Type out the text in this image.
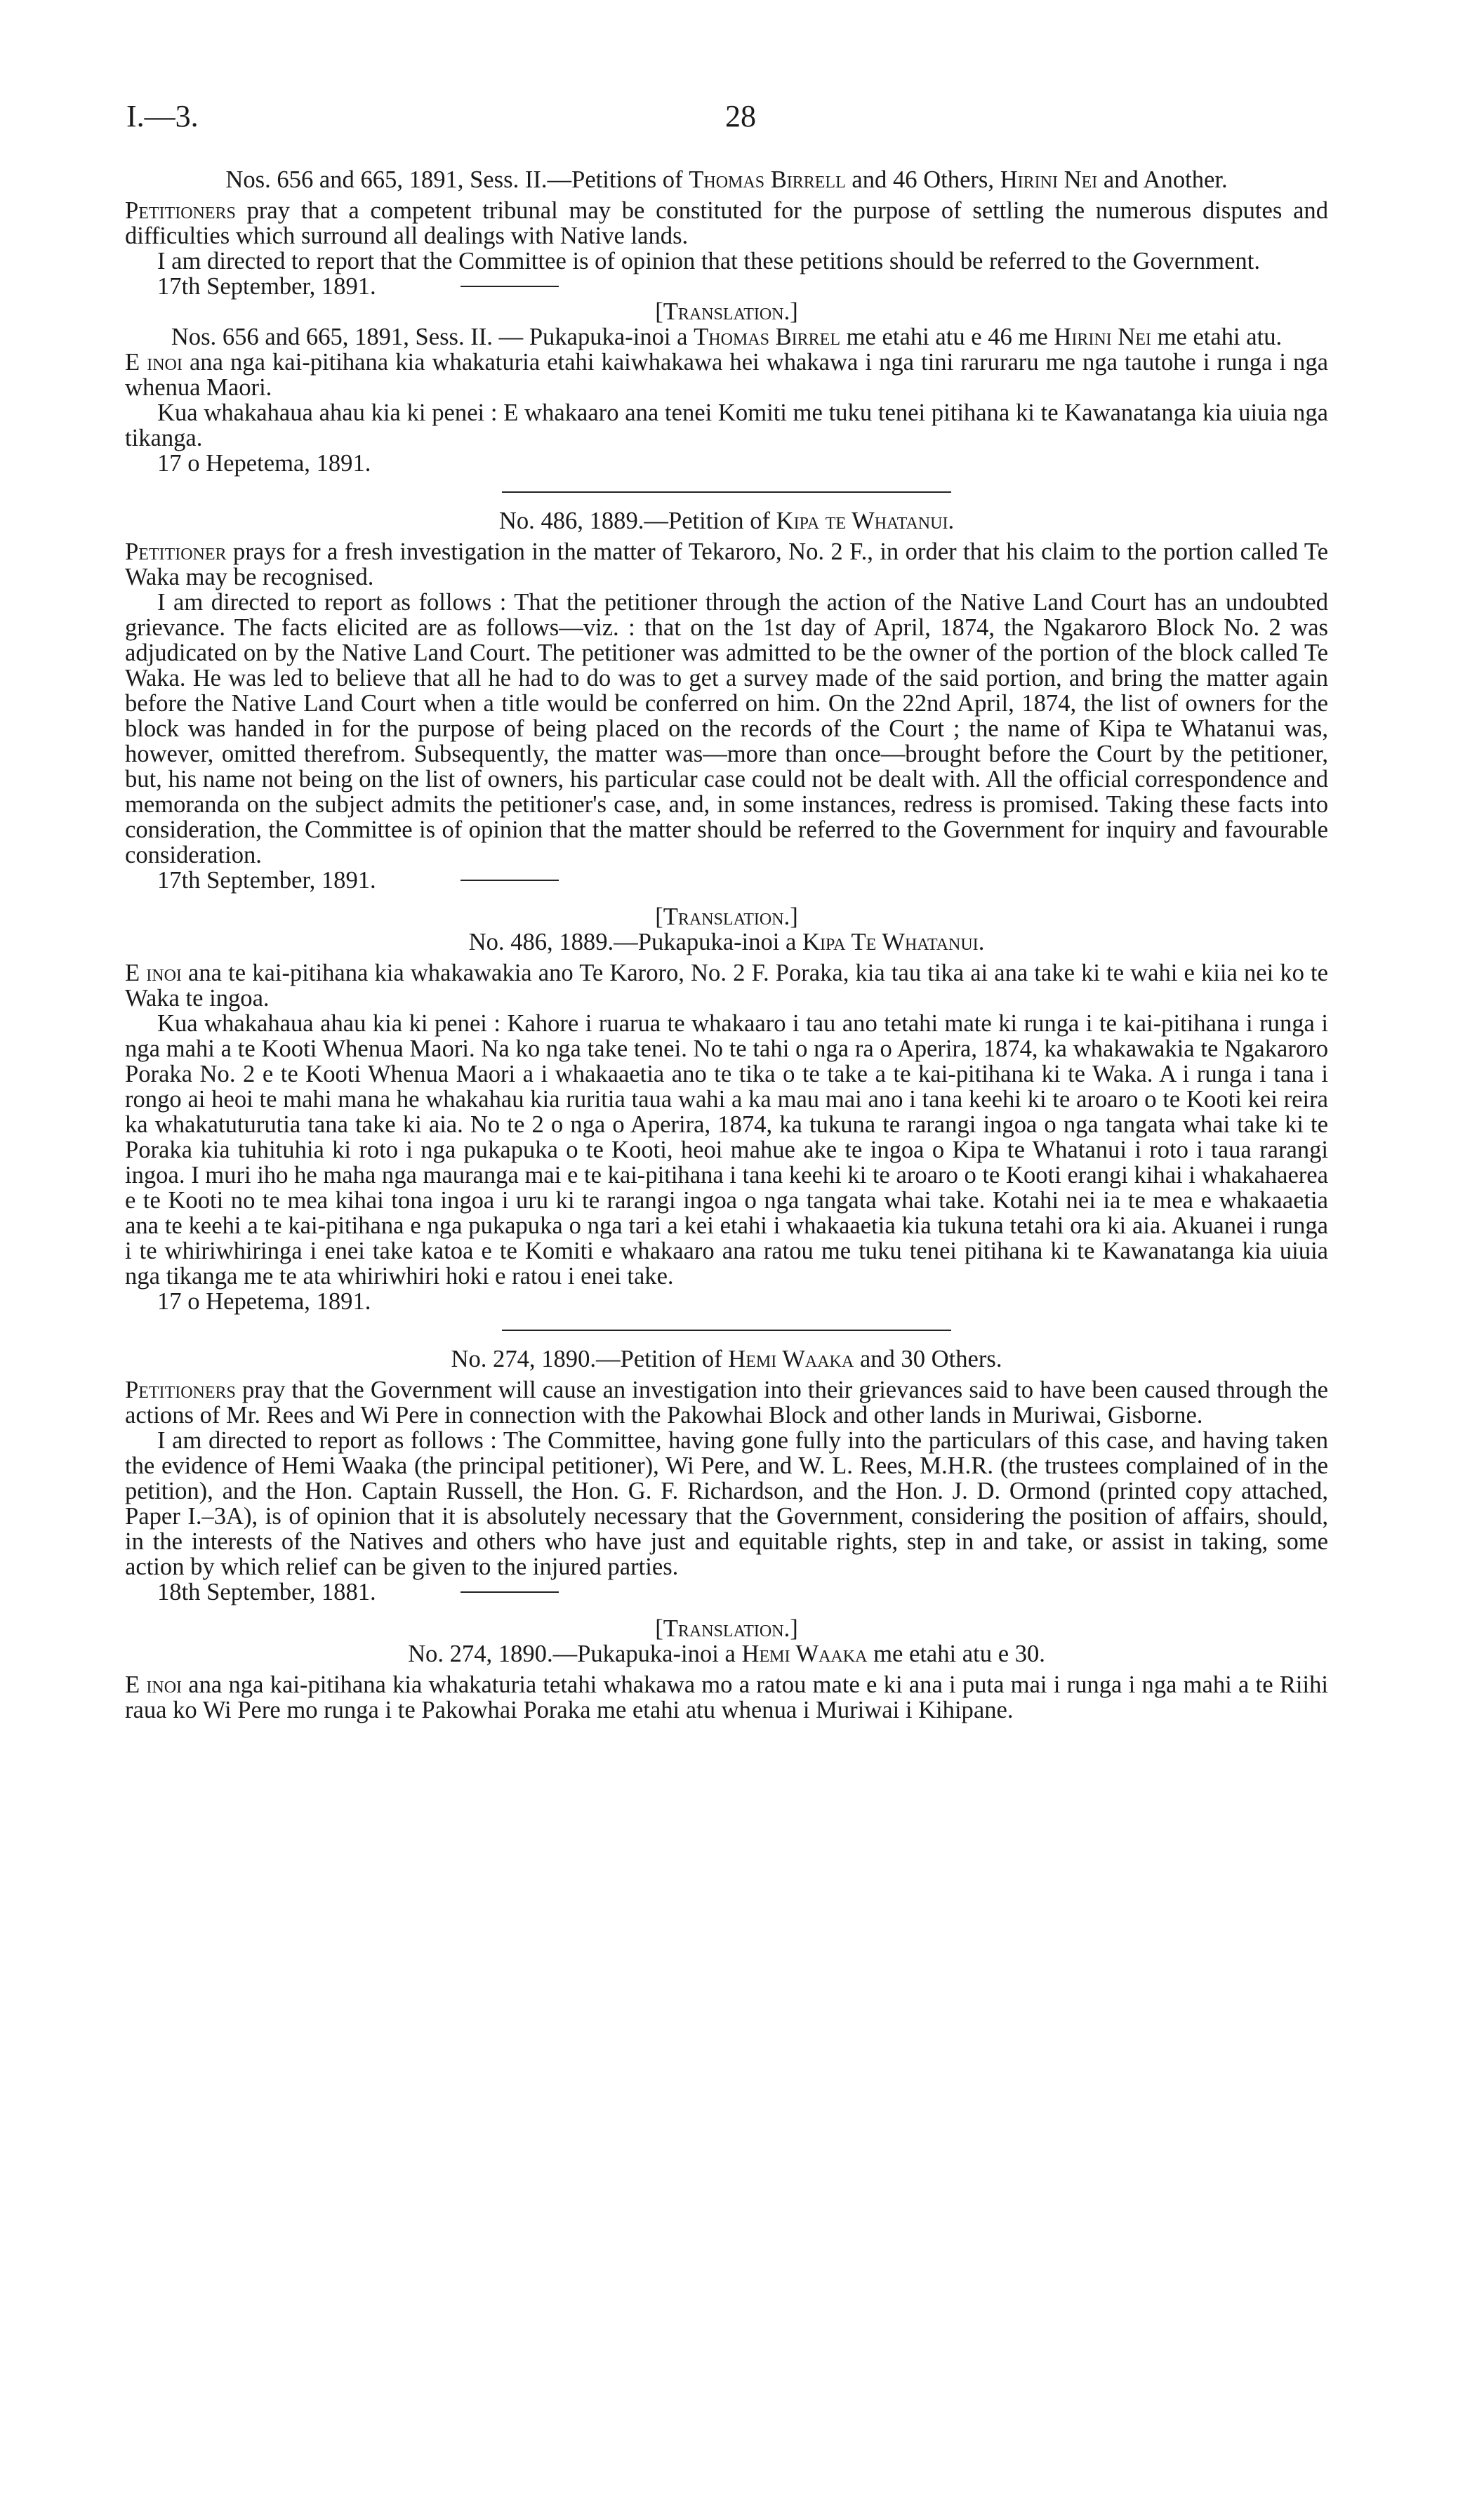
I.—3.	28

Nos. 656 and 665, 1891, Sess. II.—Petitions of Thomas Birrell and 46 Others, Hirini Nei and Another.

Petitioners pray that a competent tribunal may be constituted for the purpose of settling the numerous disputes and difficulties which surround all dealings with Native lands.

I am directed to report that the Committee is of opinion that these petitions should be referred to the Government.

17th September, 1891.

[Translation.]

Nos. 656 and 665, 1891, Sess. II. — Pukapuka-inoi a Thomas Birrel me etahi atu e 46 me Hirini Nei me etahi atu.

E inoi ana nga kai-pitihana kia whakaturia etahi kaiwhakawa hei whakawa i nga tini raruraru me nga tautohe i runga i nga whenua Maori.

Kua whakahaua ahau kia ki penei : E whakaaro ana tenei Komiti me tuku tenei pitihana ki te Kawanatanga kia uiuia nga tikanga.

17 o Hepetema, 1891.

No. 486, 1889.—Petition of Kipa te Whatanui.

Petitioner prays for a fresh investigation in the matter of Tekaroro, No. 2 F., in order that his claim to the portion called Te Waka may be recognised.

I am directed to report as follows : That the petitioner through the action of the Native Land Court has an undoubted grievance. The facts elicited are as follows—viz. : that on the 1st day of April, 1874, the Ngakaroro Block No. 2 was adjudicated on by the Native Land Court. The petitioner was admitted to be the owner of the portion of the block called Te Waka. He was led to believe that all he had to do was to get a survey made of the said portion, and bring the matter again before the Native Land Court when a title would be conferred on him. On the 22nd April, 1874, the list of owners for the block was handed in for the purpose of being placed on the records of the Court ; the name of Kipa te Whatanui was, however, omitted therefrom. Subsequently, the matter was—more than once—brought before the Court by the petitioner, but, his name not being on the list of owners, his particular case could not be dealt with. All the official correspondence and memoranda on the subject admits the petitioner's case, and, in some instances, redress is promised. Taking these facts into consideration, the Committee is of opinion that the matter should be referred to the Government for inquiry and favourable consideration.

17th September, 1891.

[Translation.]

No. 486, 1889.—Pukapuka-inoi a Kipa Te Whatanui.

E inoi ana te kai-pitihana kia whakawakia ano Te Karoro, No. 2 F. Poraka, kia tau tika ai ana take ki te wahi e kiia nei ko te Waka te ingoa.

Kua whakahaua ahau kia ki penei : Kahore i ruarua te whakaaro i tau ano tetahi mate ki runga i te kai-pitihana i runga i nga mahi a te Kooti Whenua Maori. Na ko nga take tenei. No te tahi o nga ra o Aperira, 1874, ka whakawakia te Ngakaroro Poraka No. 2 e te Kooti Whenua Maori a i whakaaetia ano te tika o te take a te kai-pitihana ki te Waka. A i runga i tana i rongo ai heoi te mahi mana he whakahau kia ruritia taua wahi a ka mau mai ano i tana keehi ki te aroaro o te Kooti kei reira ka whakatuturutia tana take ki aia. No te 2 o nga o Aperira, 1874, ka tukuna te rarangi ingoa o nga tangata whai take ki te Poraka kia tuhituhia ki roto i nga pukapuka o te Kooti, heoi mahue ake te ingoa o Kipa te Whatanui i roto i taua rarangi ingoa. I muri iho he maha nga mauranga mai e te kai-pitihana i tana keehi ki te aroaro o te Kooti erangi kihai i whakahaerea e te Kooti no te mea kihai tona ingoa i uru ki te rarangi ingoa o nga tangata whai take. Kotahi nei ia te mea e whakaaetia ana te keehi a te kai-pitihana e nga pukapuka o nga tari a kei etahi i whakaaetia kia tukuna tetahi ora ki aia. Akuanei i runga i te whiriwhiringa i enei take katoa e te Komiti e whakaaro ana ratou me tuku tenei pitihana ki te Kawanatanga kia uiuia nga tikanga me te ata whiriwhiri hoki e ratou i enei take.

17 o Hepetema, 1891.

No. 274, 1890.—Petition of Hemi Waaka and 30 Others.

Petitioners pray that the Government will cause an investigation into their grievances said to have been caused through the actions of Mr. Rees and Wi Pere in connection with the Pakowhai Block and other lands in Muriwai, Gisborne.

I am directed to report as follows : The Committee, having gone fully into the particulars of this case, and having taken the evidence of Hemi Waaka (the principal petitioner), Wi Pere, and W. L. Rees, M.H.R. (the trustees complained of in the petition), and the Hon. Captain Russell, the Hon. G. F. Richardson, and the Hon. J. D. Ormond (printed copy attached, Paper I.–3A), is of opinion that it is absolutely necessary that the Government, considering the position of affairs, should, in the interests of the Natives and others who have just and equitable rights, step in and take, or assist in taking, some action by which relief can be given to the injured parties.

18th September, 1881.

[Translation.]

No. 274, 1890.—Pukapuka-inoi a Hemi Waaka me etahi atu e 30.

E inoi ana nga kai-pitihana kia whakaturia tetahi whakawa mo a ratou mate e ki ana i puta mai i runga i nga mahi a te Riihi raua ko Wi Pere mo runga i te Pakowhai Poraka me etahi atu whenua i Muriwai i Kihipane.
